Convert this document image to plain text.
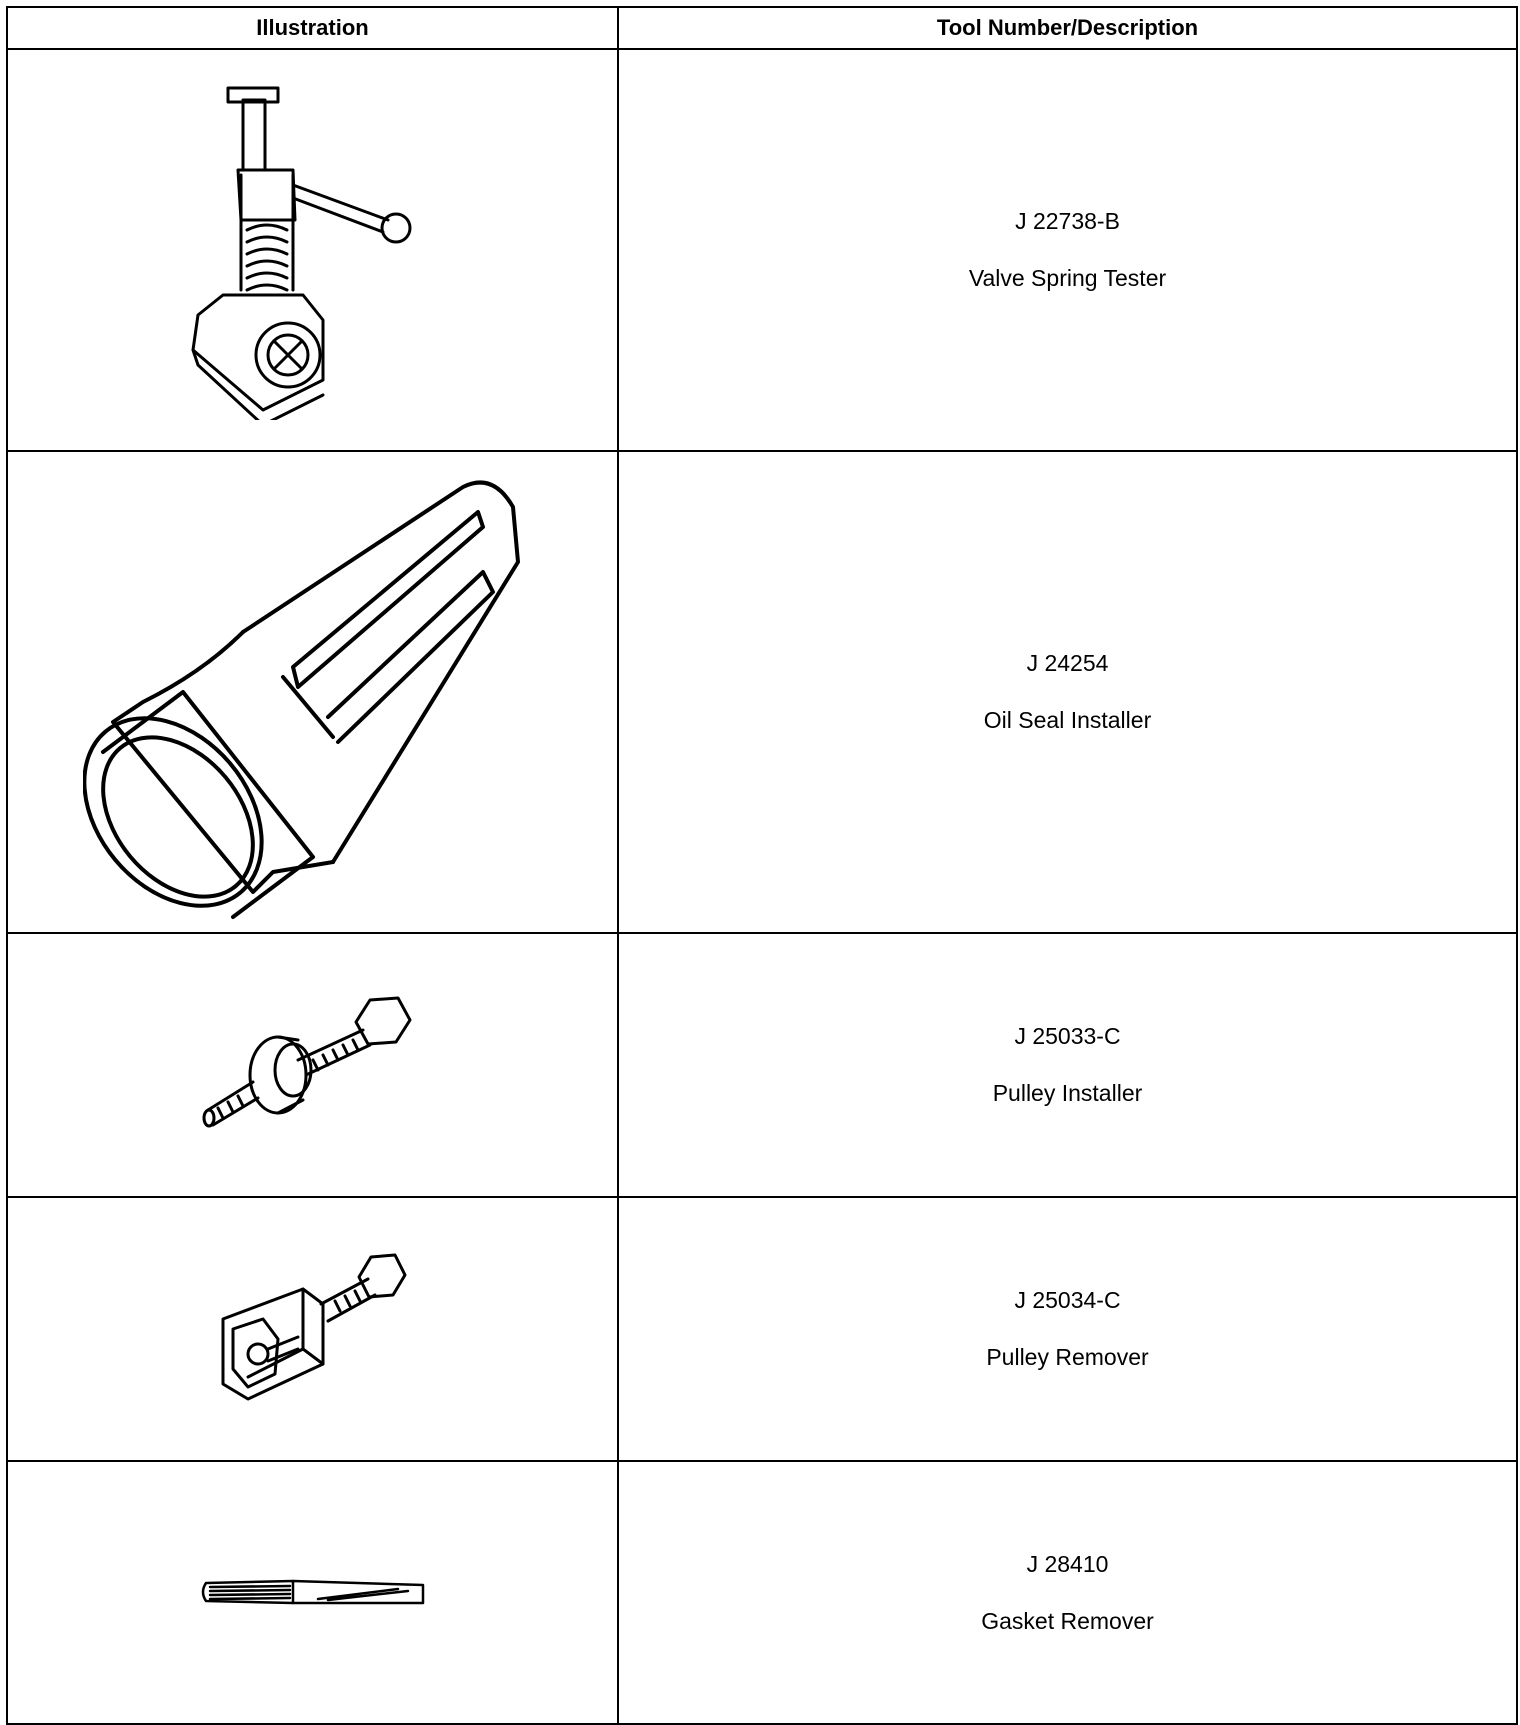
Illustration	Tool Number/Description

J 22738-B
Valve Spring Tester

J 24254
Oil Seal Installer

J 25033-C
Pulley Installer

J 25034-C
Pulley Remover

J 28410
Gasket Remover
